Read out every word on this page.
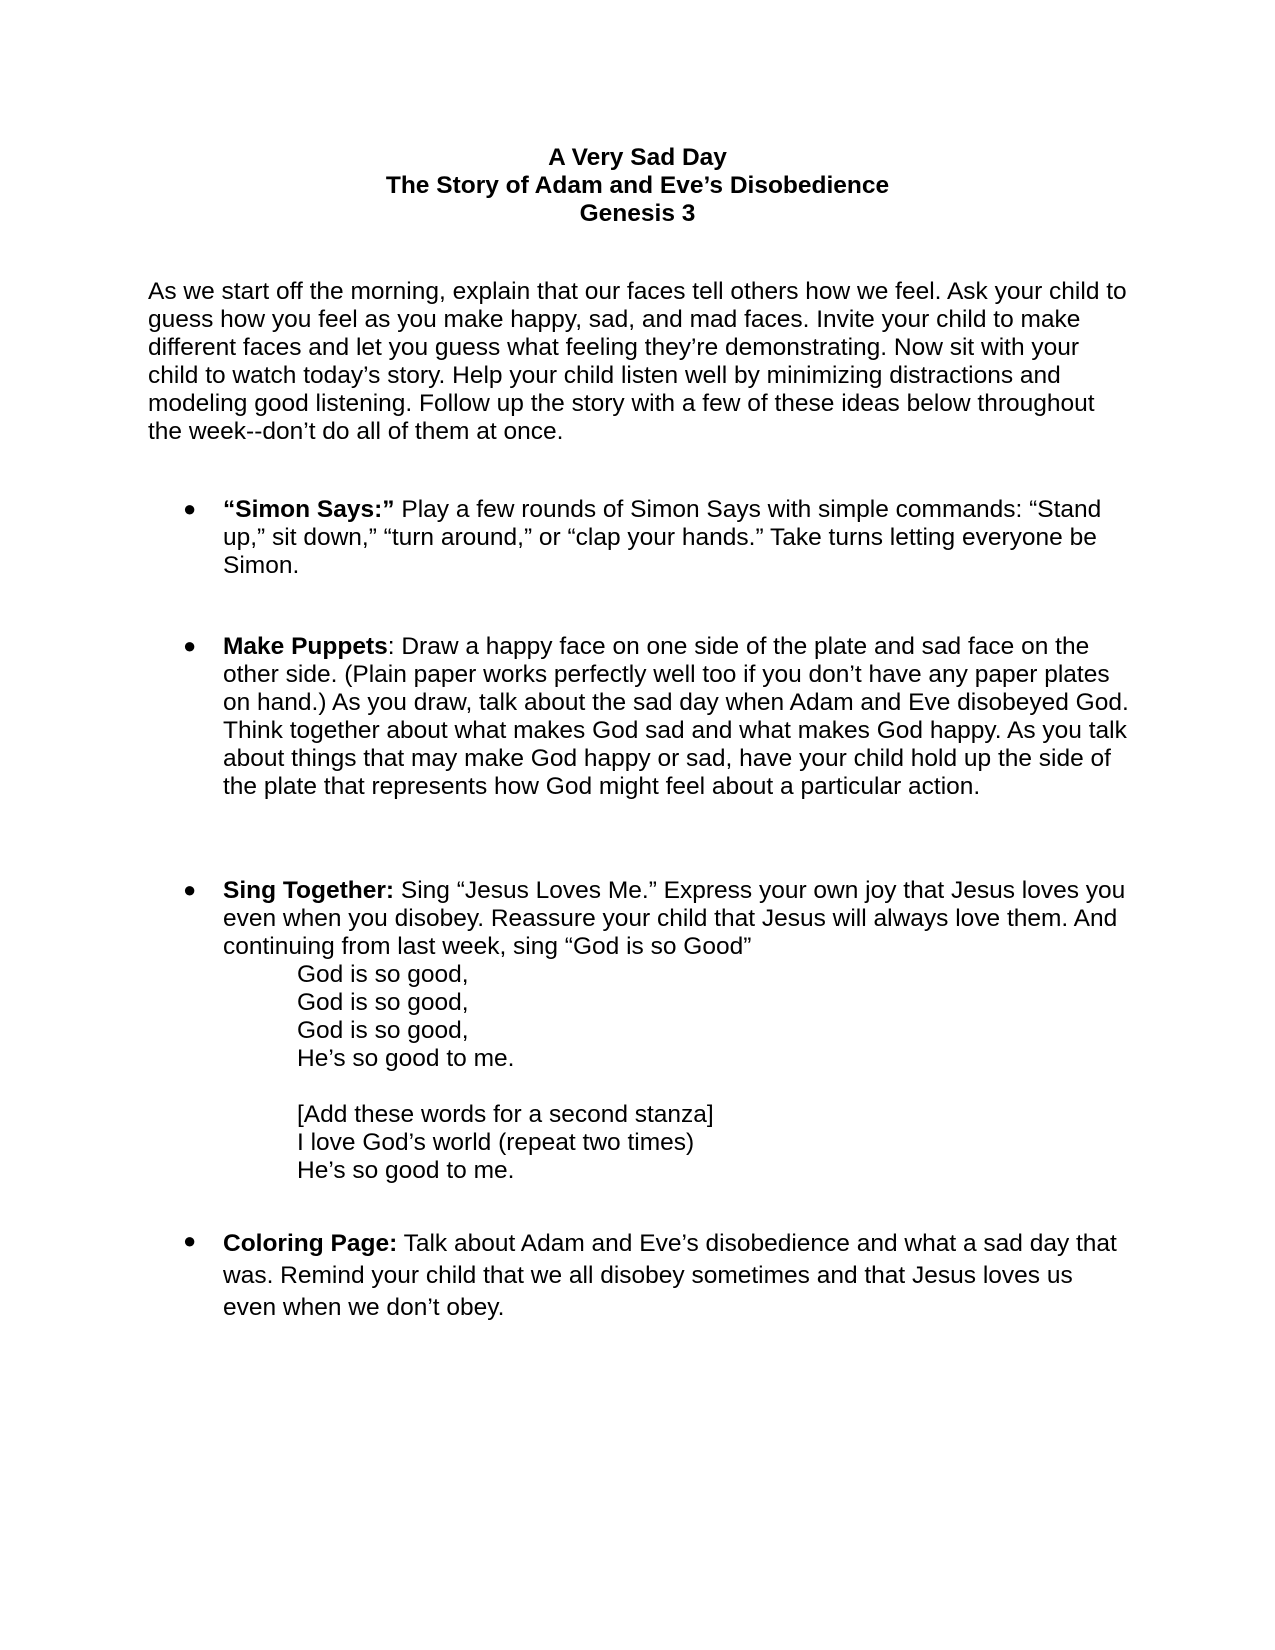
A Very Sad Day
The Story of Adam and Eve’s Disobedience
Genesis 3

As we start off the morning, explain that our faces tell others how we feel. Ask your child to guess how you feel as you make happy, sad, and mad faces. Invite your child to make different faces and let you guess what feeling they’re demonstrating. Now sit with your child to watch today’s story. Help your child listen well by minimizing distractions and modeling good listening. Follow up the story with a few of these ideas below throughout the week--don’t do all of them at once.

● “Simon Says:” Play a few rounds of Simon Says with simple commands: “Stand up,” sit down,” “turn around,” or “clap your hands.” Take turns letting everyone be Simon.
● Make Puppets: Draw a happy face on one side of the plate and sad face on the other side. (Plain paper works perfectly well too if you don’t have any paper plates on hand.) As you draw, talk about the sad day when Adam and Eve disobeyed God. Think together about what makes God sad and what makes God happy. As you talk about things that may make God happy or sad, have your child hold up the side of the plate that represents how God might feel about a particular action.
● Sing Together: Sing “Jesus Loves Me.” Express your own joy that Jesus loves you even when you disobey. Reassure your child that Jesus will always love them. And continuing from last week, sing “God is so Good”
God is so good,
God is so good,
God is so good,
He’s so good to me.
[Add these words for a second stanza]
I love God’s world (repeat two times)
He’s so good to me.
● Coloring Page: Talk about Adam and Eve’s disobedience and what a sad day that was. Remind your child that we all disobey sometimes and that Jesus loves us even when we don’t obey.
